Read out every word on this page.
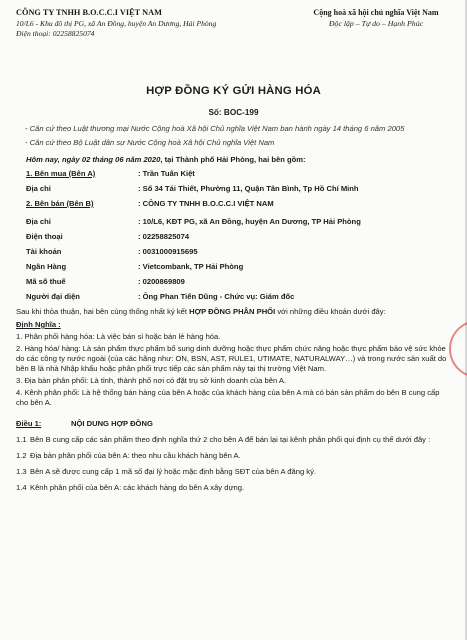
CÔNG TY TNHH B.O.C.C.I VIỆT NAM
10/L6 - Khu đô thị PG, xã An Đồng, huyện An Dương, Hải Phòng
Điện thoại: 02258825074
Cộng hoà xã hội chủ nghĩa Việt Nam
Độc lập – Tự do – Hạnh Phúc
HỢP ĐỒNG KÝ GỬI HÀNG HÓA
Số: BOC-199

- Căn cứ theo Luật thương mại Nước Cộng hoà Xã hội Chủ nghĩa Việt Nam ban hành ngày 14 tháng 6 năm 2005

- Căn cứ theo Bộ Luật dân sự Nước Cộng hoà Xã hội Chủ nghĩa Việt Nam

Hôm nay, ngày 02 tháng 06 năm 2020, tại Thành phố Hải Phòng, hai bên gồm:
1. Bên mua (Bên A)	: Trần Tuấn Kiệt
Địa chỉ	: Số 34 Tái Thiết, Phường 11, Quận Tân Bình, Tp Hồ Chí Minh
2. Bên bán (Bên B)	: CÔNG TY TNHH B.O.C.C.I VIỆT NAM
Địa chỉ	: 10/L6, KĐT PG, xã An Đồng, huyện An Dương, TP Hải Phòng
Điện thoại	: 02258825074
Tài khoản	: 0031000915695
Ngân Hàng	: Vietcombank, TP Hải Phòng
Mã số thuế	: 0200869809
Người đại diện	: Ông Phan Tiến Dũng - Chức vụ: Giám đốc
Sau khi thỏa thuận, hai bên cùng thống nhất ký kết HỢP ĐỒNG PHÂN PHỐI với những điều khoản dưới đây:
Định Nghĩa :
1. Phân phối hàng hóa: Là việc bán sỉ hoặc bán lẻ hàng hóa.
2. Hàng hóa/ hàng: Là sản phẩm thực phẩm bổ sung dinh dưỡng hoặc thực phẩm chức năng hoặc thực phẩm bảo vệ sức khỏe do các công ty nước ngoài (của các hãng như: ON, BSN, AST, RULE1, UTIMATE, NATURALWAY…) và trong nước sản xuất do bên B là nhà Nhập khẩu hoặc phân phối trực tiếp các sản phẩm này tại thị trường Việt Nam.
3. Địa bàn phân phối: Là tỉnh, thành phố nơi có đặt trụ sở kinh doanh của bên A.
4. Kênh phân phối: Là hệ thống bán hàng của bên A hoặc của khách hàng của bên A mà có bán sản phẩm do bên B cung cấp cho bên A.
Điều 1:	NỘI DUNG HỢP ĐỒNG
1.1 Bên B cung cấp các sản phẩm theo định nghĩa thứ 2 cho bên A để bán lại tại kênh phân phối qui định cụ thể dưới đây :
1.2 Địa bàn phân phối của bên A: theo nhu cầu khách hàng bên A.
1.3 Bên A sẽ được cung cấp 1 mã số đại lý hoặc mặc định bằng SĐT của bên A đăng ký.
1.4 Kênh phân phối của bên A: các khách hàng do bên A xây dựng.
